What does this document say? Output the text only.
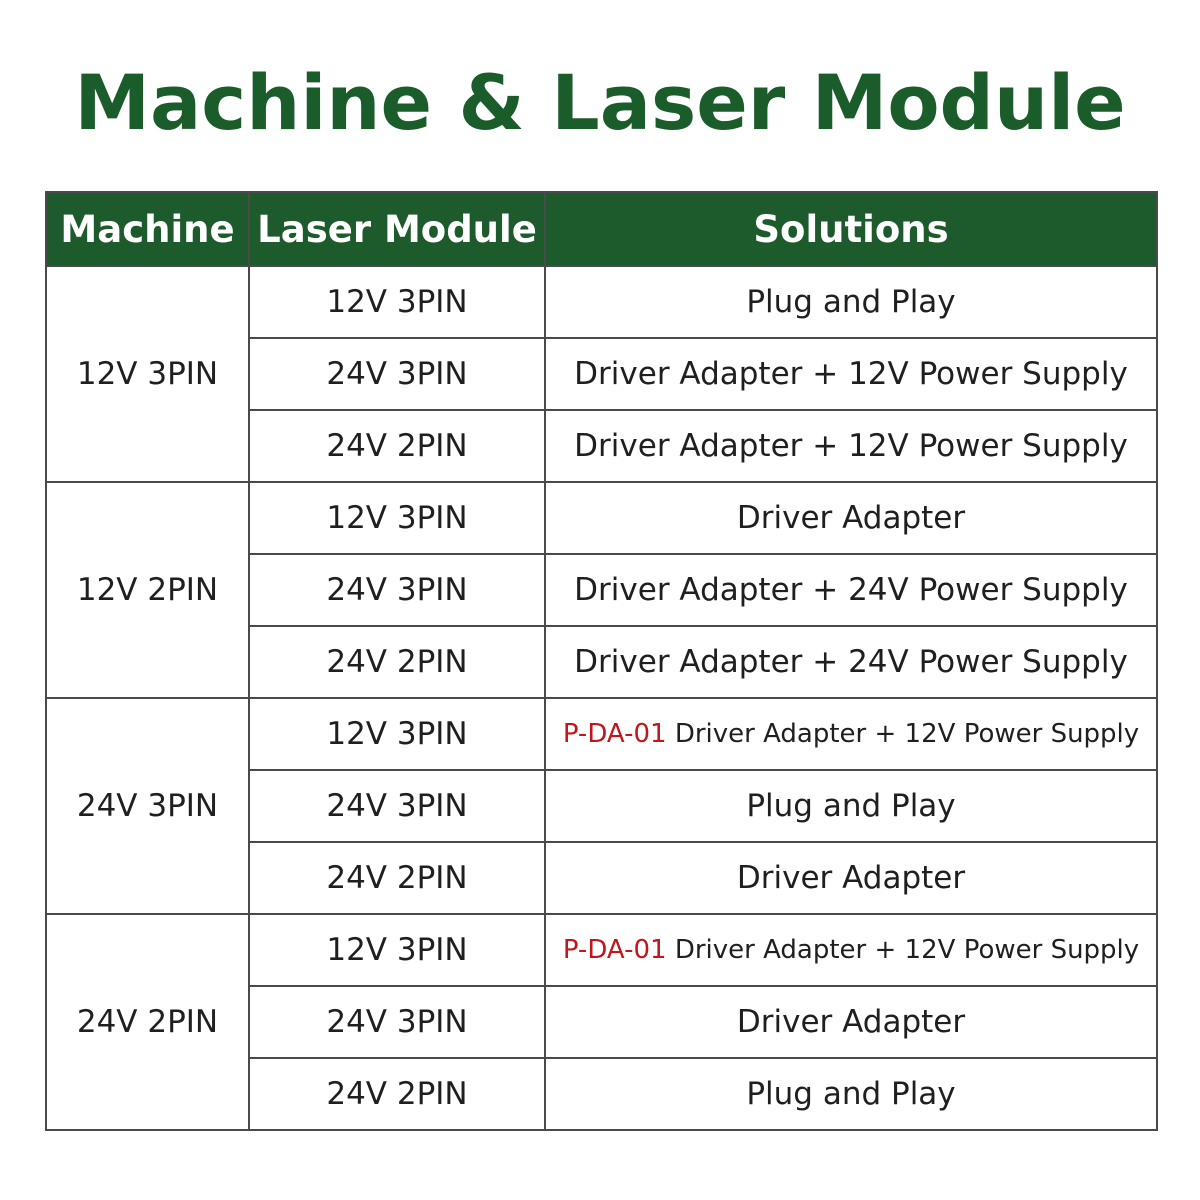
Machine & Laser Module
Machine	Laser Module	Solutions
12V 3PIN	12V 3PIN	Plug and Play
	24V 3PIN	Driver Adapter + 12V Power Supply
	24V 2PIN	Driver Adapter + 12V Power Supply
12V 2PIN	12V 3PIN	Driver Adapter
	24V 3PIN	Driver Adapter + 24V Power Supply
	24V 2PIN	Driver Adapter + 24V Power Supply
24V 3PIN	12V 3PIN	P-DA-01 Driver Adapter + 12V Power Supply
	24V 3PIN	Plug and Play
	24V 2PIN	Driver Adapter
24V 2PIN	12V 3PIN	P-DA-01 Driver Adapter + 12V Power Supply
	24V 3PIN	Driver Adapter
	24V 2PIN	Plug and Play
